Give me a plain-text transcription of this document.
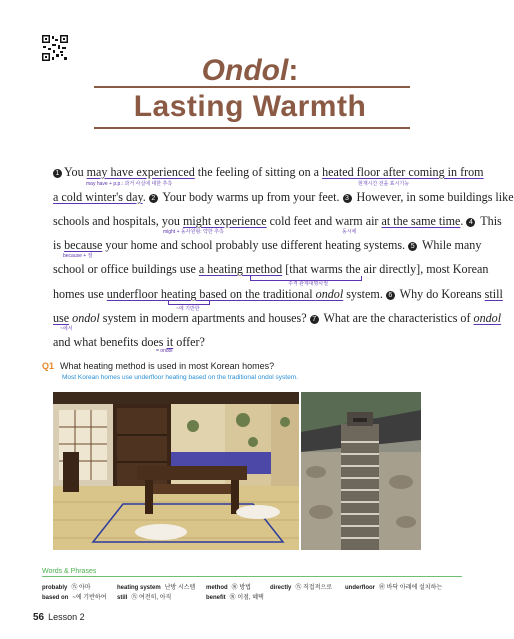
Ondol:
Lasting Warmth
1 You may have experienced the feeling of sitting on a heated floor after coming in from
may have + p.p.: 과거 사실에 대한 추측	현재시간 전을 표시기능
a cold winter's day. 2 Your body warms up from your feet. 3 However, in some buildings like
schools and hospitals, you might experience cold feet and warm air at the same time. 4 This
might + 동사원형: 약한 추측	동시에
is because your home and school probably use different heating systems. 5 While many
because + 절
school or office buildings use a heating method [that warms the air directly], most Korean
주격 관계대명사절
homes use underfloor heating based on the traditional ondol system. 6 Why do Koreans still
~에 기반한
use ondol system in modern apartments and houses? 7 What are the characteristics of ondol
~에서
and what benefits does it offer?
= ondol
Q1 What heating method is used in most Korean homes?
Most Korean homes use underfloor heating based on the traditional ondol system.
Words & Phrases
probably ㊈ 아마
based on ~에 기반하여
heating system 난방 시스템
still ㊈ 여전히, 아직
method ㊔ 방법
benefit ㊔ 이점, 혜택
directly ㊈ 직접적으로 underfloor ㊓ 바닥 아래에 설치하는
56 Lesson 2
